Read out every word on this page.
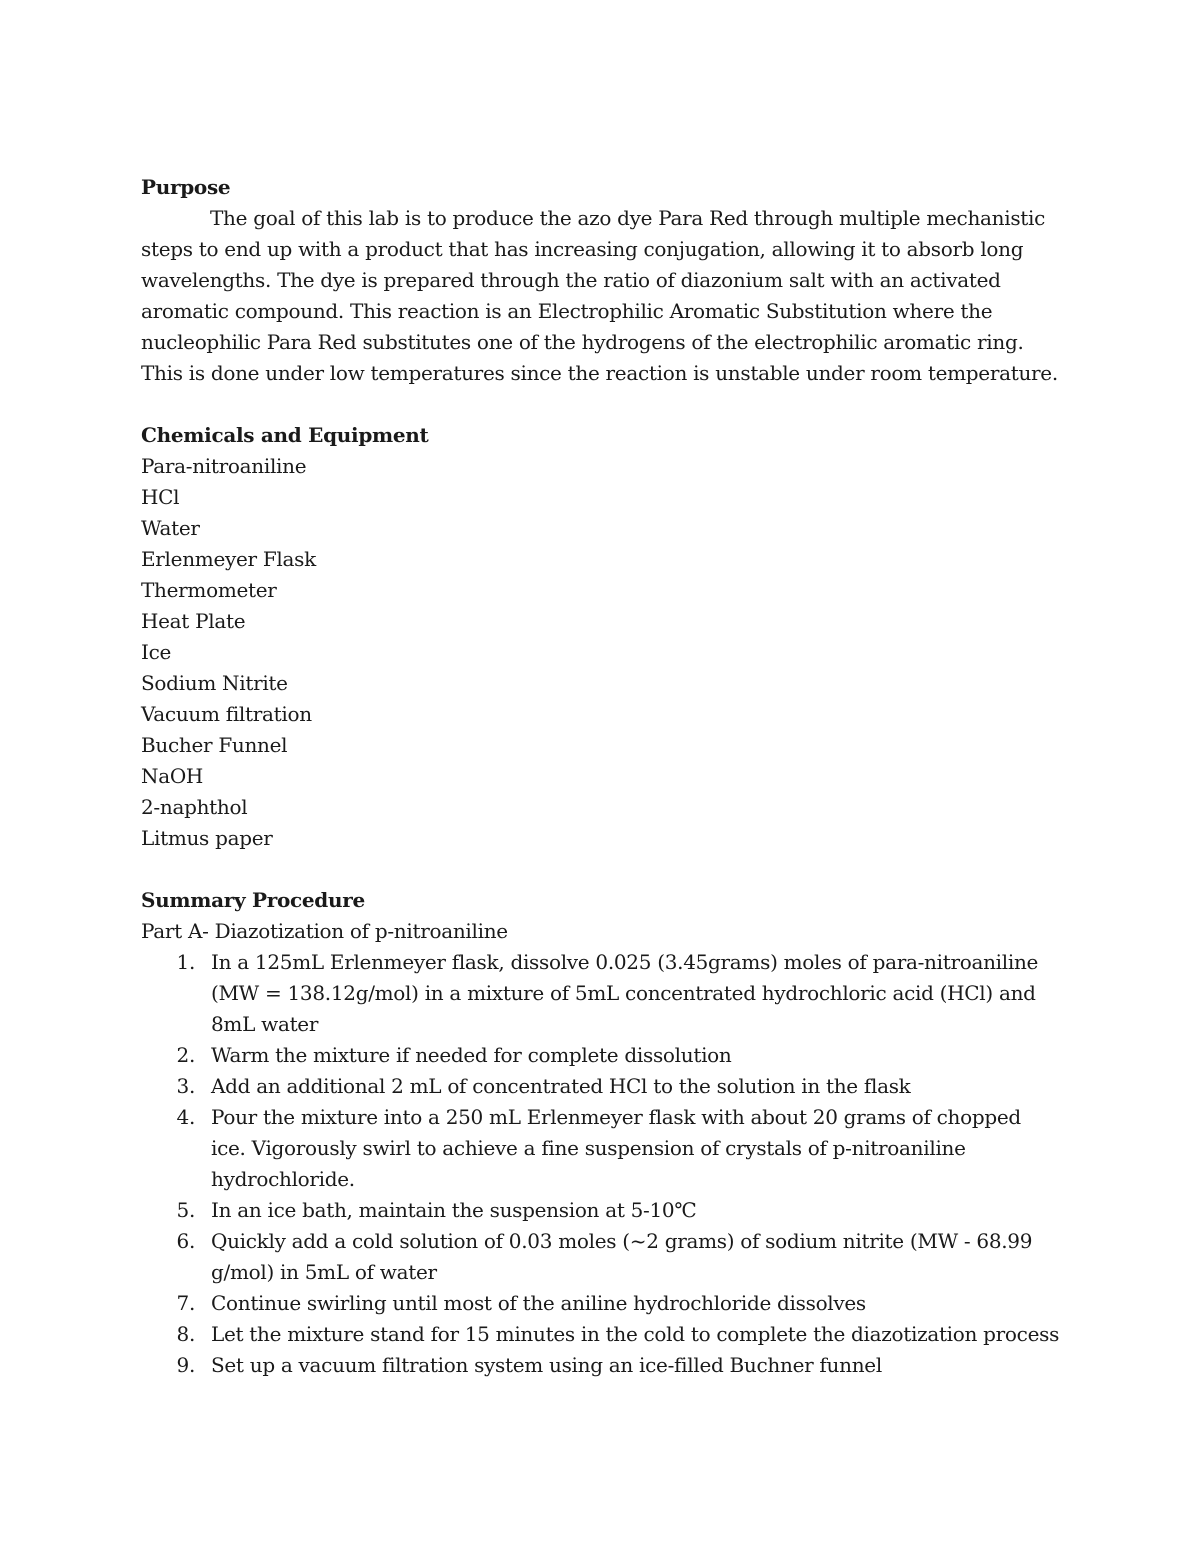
Purpose

The goal of this lab is to produce the azo dye Para Red through multiple mechanistic steps to end up with a product that has increasing conjugation, allowing it to absorb long wavelengths. The dye is prepared through the ratio of diazonium salt with an activated aromatic compound. This reaction is an Electrophilic Aromatic Substitution where the nucleophilic Para Red substitutes one of the hydrogens of the electrophilic aromatic ring. This is done under low temperatures since the reaction is unstable under room temperature.

Chemicals and Equipment

Para-nitroaniline
HCl
Water
Erlenmeyer Flask
Thermometer
Heat Plate
Ice
Sodium Nitrite
Vacuum filtration
Bucher Funnel
NaOH
2-naphthol
Litmus paper

Summary Procedure

Part A- Diazotization of p-nitroaniline

1. In a 125mL Erlenmeyer flask, dissolve 0.025 (3.45grams) moles of para-nitroaniline (MW = 138.12g/mol) in a mixture of 5mL concentrated hydrochloric acid (HCl) and 8mL water
2. Warm the mixture if needed for complete dissolution
3. Add an additional 2 mL of concentrated HCl to the solution in the flask
4. Pour the mixture into a 250 mL Erlenmeyer flask with about 20 grams of chopped ice. Vigorously swirl to achieve a fine suspension of crystals of p-nitroaniline hydrochloride.
5. In an ice bath, maintain the suspension at 5-10℃
6. Quickly add a cold solution of 0.03 moles (~2 grams) of sodium nitrite (MW - 68.99 g/mol) in 5mL of water
7. Continue swirling until most of the aniline hydrochloride dissolves
8. Let the mixture stand for 15 minutes in the cold to complete the diazotization process
9. Set up a vacuum filtration system using an ice-filled Buchner funnel
